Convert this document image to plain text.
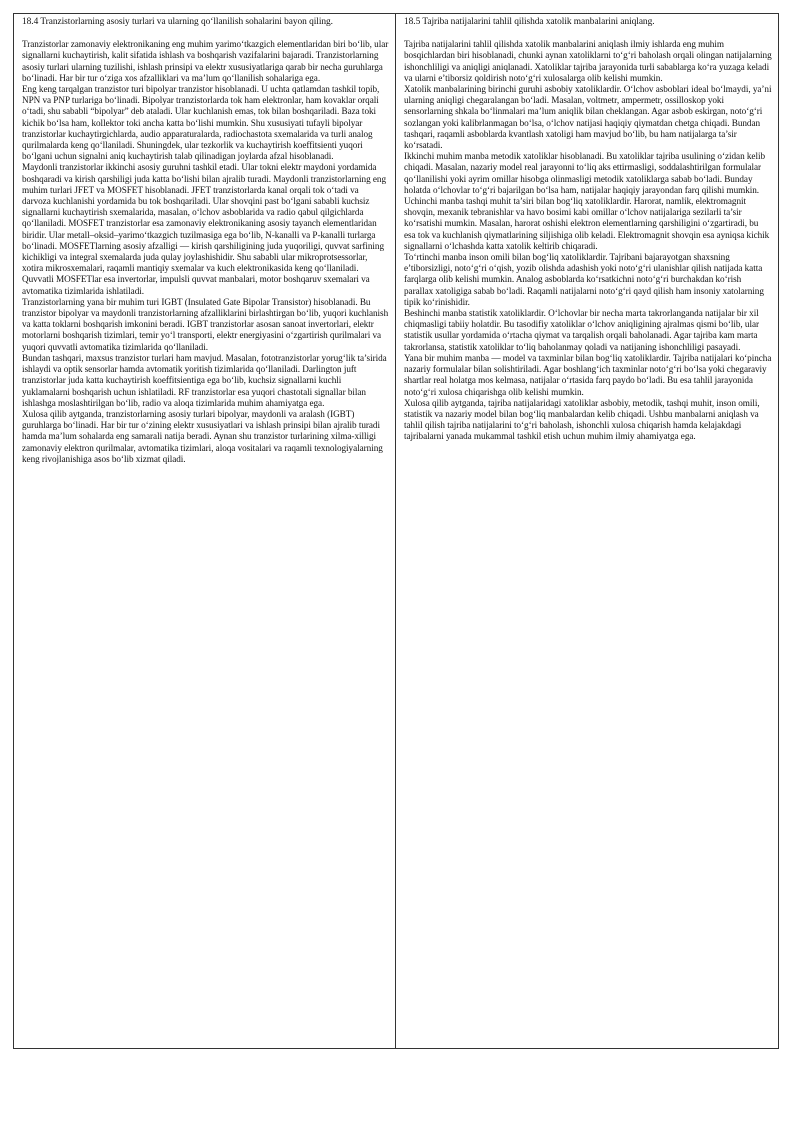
18.4 Tranzistorlarning asosiy turlari va ularning qo‘llanilish sohalarini bayon qiling.

Tranzistorlar zamonaviy elektronikaning eng muhim yarimo‘tkazgich elementlaridan biri bo‘lib, ular signallarni kuchaytirish, kalit sifatida ishlash va boshqarish vazifalarini bajaradi. Tranzistorlarning asosiy turlari ularning tuzilishi, ishlash prinsipi va elektr xususiyatlariga qarab bir necha guruhlarga bo‘linadi. Har bir tur o‘ziga xos afzalliklari va ma’lum qo‘llanilish sohalariga ega.

Eng keng tarqalgan tranzistor turi bipolyar tranzistor hisoblanadi. U uchta qatlamdan tashkil topib, NPN va PNP turlariga bo‘linadi. Bipolyar tranzistorlarda tok ham elektronlar, ham kovaklar orqali o‘tadi, shu sababli “bipolyar” deb ataladi. Ular kuchlanish emas, tok bilan boshqariladi. Baza toki kichik bo‘lsa ham, kollektor toki ancha katta bo‘lishi mumkin. Shu xususiyati tufayli bipolyar tranzistorlar kuchaytirgichlarda, audio apparaturalarda, radiochastota sxemalarida va turli analog qurilmalarda keng qo‘llaniladi. Shuningdek, ular tezkorlik va kuchaytirish koeffitsienti yuqori bo‘lgani uchun signalni aniq kuchaytirish talab qilinadigan joylarda afzal hisoblanadi.

Maydonli tranzistorlar ikkinchi asosiy guruhni tashkil etadi. Ular tokni elektr maydoni yordamida boshqaradi va kirish qarshiligi juda katta bo‘lishi bilan ajralib turadi. Maydonli tranzistorlarning eng muhim turlari JFET va MOSFET hisoblanadi. JFET tranzistorlarda kanal orqali tok o‘tadi va darvoza kuchlanishi yordamida bu tok boshqariladi. Ular shovqini past bo‘lgani sababli kuchsiz signallarni kuchaytirish sxemalarida, masalan, o‘lchov asboblarida va radio qabul qilgichlarda qo‘llaniladi. MOSFET tranzistorlar esa zamonaviy elektronikaning asosiy tayanch elementlaridan biridir. Ular metall–oksid–yarimo‘tkazgich tuzilmasiga ega bo‘lib, N-kanalli va P-kanalli turlarga bo‘linadi. MOSFETlarning asosiy afzalligi — kirish qarshiligining juda yuqoriligi, quvvat sarfining kichikligi va integral sxemalarda juda qulay joylashishidir. Shu sababli ular mikroprotsessorlar, xotira mikrosxemalari, raqamli mantiqiy sxemalar va kuch elektronikasida keng qo‘llaniladi. Quvvatli MOSFETlar esa invertorlar, impulsli quvvat manbalari, motor boshqaruv sxemalari va avtomatika tizimlarida ishlatiladi.

Tranzistorlarning yana bir muhim turi IGBT (Insulated Gate Bipolar Transistor) hisoblanadi. Bu tranzistor bipolyar va maydonli tranzistorlarning afzalliklarini birlashtirgan bo‘lib, yuqori kuchlanish va katta toklarni boshqarish imkonini beradi. IGBT tranzistorlar asosan sanoat invertorlari, elektr motorlarni boshqarish tizimlari, temir yo‘l transporti, elektr energiyasini o‘zgartirish qurilmalari va yuqori quvvatli avtomatika tizimlarida qo‘llaniladi.

Bundan tashqari, maxsus tranzistor turlari ham mavjud. Masalan, fototranzistorlar yorug‘lik ta’sirida ishlaydi va optik sensorlar hamda avtomatik yoritish tizimlarida qo‘llaniladi. Darlington juft tranzistorlar juda katta kuchaytirish koeffitsientiga ega bo‘lib, kuchsiz signallarni kuchli yuklamalarni boshqarish uchun ishlatiladi. RF tranzistorlar esa yuqori chastotali signallar bilan ishlashga moslashtirilgan bo‘lib, radio va aloqa tizimlarida muhim ahamiyatga ega.

Xulosa qilib aytganda, tranzistorlarning asosiy turlari bipolyar, maydonli va aralash (IGBT) guruhlarga bo‘linadi. Har bir tur o‘zining elektr xususiyatlari va ishlash prinsipi bilan ajralib turadi hamda ma’lum sohalarda eng samarali natija beradi. Aynan shu tranzistor turlarining xilma-xilligi zamonaviy elektron qurilmalar, avtomatika tizimlari, aloqa vositalari va raqamli texnologiyalarning keng rivojlanishiga asos bo‘lib xizmat qiladi.

18.5 Tajriba natijalarini tahlil qilishda xatolik manbalarini aniqlang.

Tajriba natijalarini tahlil qilishda xatolik manbalarini aniqlash ilmiy ishlarda eng muhim bosqichlardan biri hisoblanadi, chunki aynan xatoliklarni to‘g‘ri baholash orqali olingan natijalarning ishonchliligi va aniqligi aniqlanadi. Xatoliklar tajriba jarayonida turli sabablarga ko‘ra yuzaga keladi va ularni e’tiborsiz qoldirish noto‘g‘ri xulosalarga olib kelishi mumkin.

Xatolik manbalarining birinchi guruhi asbobiy xatoliklardir. O‘lchov asboblari ideal bo‘lmaydi, ya’ni ularning aniqligi chegaralangan bo‘ladi. Masalan, voltmetr, ampermetr, ossilloskop yoki sensorlarning shkala bo‘linmalari ma’lum aniqlik bilan cheklangan. Agar asbob eskirgan, noto‘g‘ri sozlangan yoki kalibrlanmagan bo‘lsa, o‘lchov natijasi haqiqiy qiymatdan chetga chiqadi. Bundan tashqari, raqamli asboblarda kvantlash xatoligi ham mavjud bo‘lib, bu ham natijalarga ta’sir ko‘rsatadi.

Ikkinchi muhim manba metodik xatoliklar hisoblanadi. Bu xatoliklar tajriba usulining o‘zidan kelib chiqadi. Masalan, nazariy model real jarayonni to‘liq aks ettirmasligi, soddalashtirilgan formulalar qo‘llanilishi yoki ayrim omillar hisobga olinmasligi metodik xatoliklarga sabab bo‘ladi. Bunday holatda o‘lchovlar to‘g‘ri bajarilgan bo‘lsa ham, natijalar haqiqiy jarayondan farq qilishi mumkin.

Uchinchi manba tashqi muhit ta’siri bilan bog‘liq xatoliklardir. Harorat, namlik, elektromagnit shovqin, mexanik tebranishlar va havo bosimi kabi omillar o‘lchov natijalariga sezilarli ta’sir ko‘rsatishi mumkin. Masalan, harorat oshishi elektron elementlarning qarshiligini o‘zgartiradi, bu esa tok va kuchlanish qiymatlarining siljishiga olib keladi. Elektromagnit shovqin esa ayniqsa kichik signallarni o‘lchashda katta xatolik keltirib chiqaradi.

To‘rtinchi manba inson omili bilan bog‘liq xatoliklardir. Tajribani bajarayotgan shaxsning e’tiborsizligi, noto‘g‘ri o‘qish, yozib olishda adashish yoki noto‘g‘ri ulanishlar qilish natijada katta farqlarga olib kelishi mumkin. Analog asboblarda ko‘rsatkichni noto‘g‘ri burchakdan ko‘rish parallax xatoligiga sabab bo‘ladi. Raqamli natijalarni noto‘g‘ri qayd qilish ham insoniy xatolarning tipik ko‘rinishidir.

Beshinchi manba statistik xatoliklardir. O‘lchovlar bir necha marta takrorlanganda natijalar bir xil chiqmasligi tabiiy holatdir. Bu tasodifiy xatoliklar o‘lchov aniqligining ajralmas qismi bo‘lib, ular statistik usullar yordamida o‘rtacha qiymat va tarqalish orqali baholanadi. Agar tajriba kam marta takrorlansa, statistik xatoliklar to‘liq baholanmay qoladi va natijaning ishonchliligi pasayadi.

Yana bir muhim manba — model va taxminlar bilan bog‘liq xatoliklardir. Tajriba natijalari ko‘pincha nazariy formulalar bilan solishtiriladi. Agar boshlang‘ich taxminlar noto‘g‘ri bo‘lsa yoki chegaraviy shartlar real holatga mos kelmasa, natijalar o‘rtasida farq paydo bo‘ladi. Bu esa tahlil jarayonida noto‘g‘ri xulosa chiqarishga olib kelishi mumkin.

Xulosa qilib aytganda, tajriba natijalaridagi xatoliklar asbobiy, metodik, tashqi muhit, inson omili, statistik va nazariy model bilan bog‘liq manbalardan kelib chiqadi. Ushbu manbalarni aniqlash va tahlil qilish tajriba natijalarini to‘g‘ri baholash, ishonchli xulosa chiqarish hamda kelajakdagi tajribalarni yanada mukammal tashkil etish uchun muhim ilmiy ahamiyatga ega.
